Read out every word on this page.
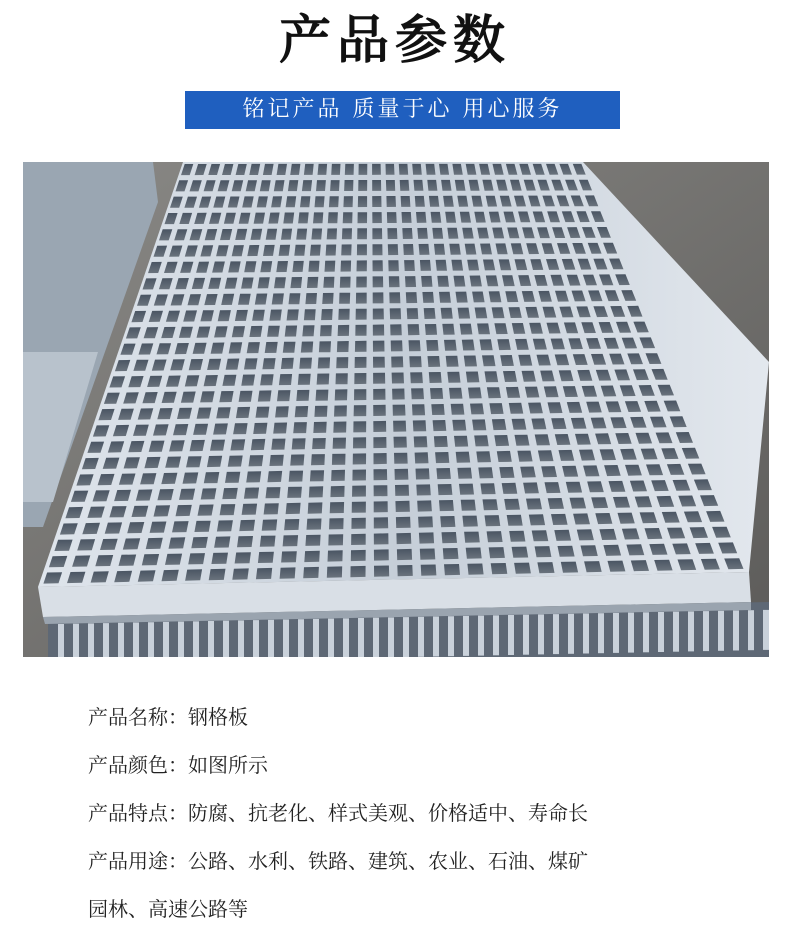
产品参数
铭记产品 质量于心 用心服务
产品名称：钢格板
产品颜色：如图所示
产品特点：防腐、抗老化、样式美观、价格适中、寿命长
产品用途：公路、水利、铁路、建筑、农业、石油、煤矿
园林、高速公路等
